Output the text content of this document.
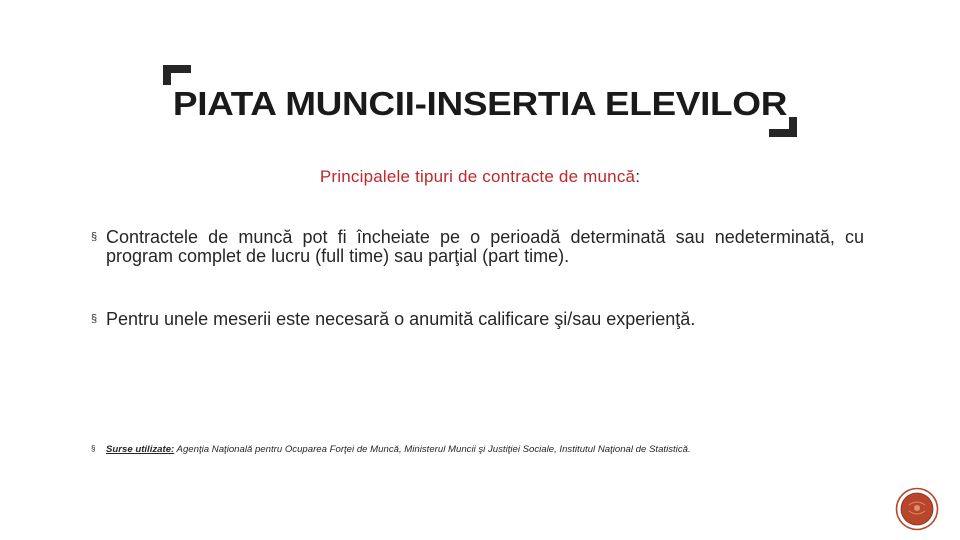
PIATA MUNCII-INSERTIA ELEVILOR
Principalele tipuri de contracte de muncă:
§ Contractele de muncă pot fi încheiate pe o perioadă determinată sau nedeterminată, cu program complet de lucru (full time) sau parţial (part time).
§ Pentru unele meserii este necesară o anumită calificare şi/sau experienţă.
§ Surse utilizate: Agenţia Naţională pentru Ocuparea Forţei de Muncă, Ministerul Muncii şi Justiţiei Sociale, Institutul Naţional de Statistică.
